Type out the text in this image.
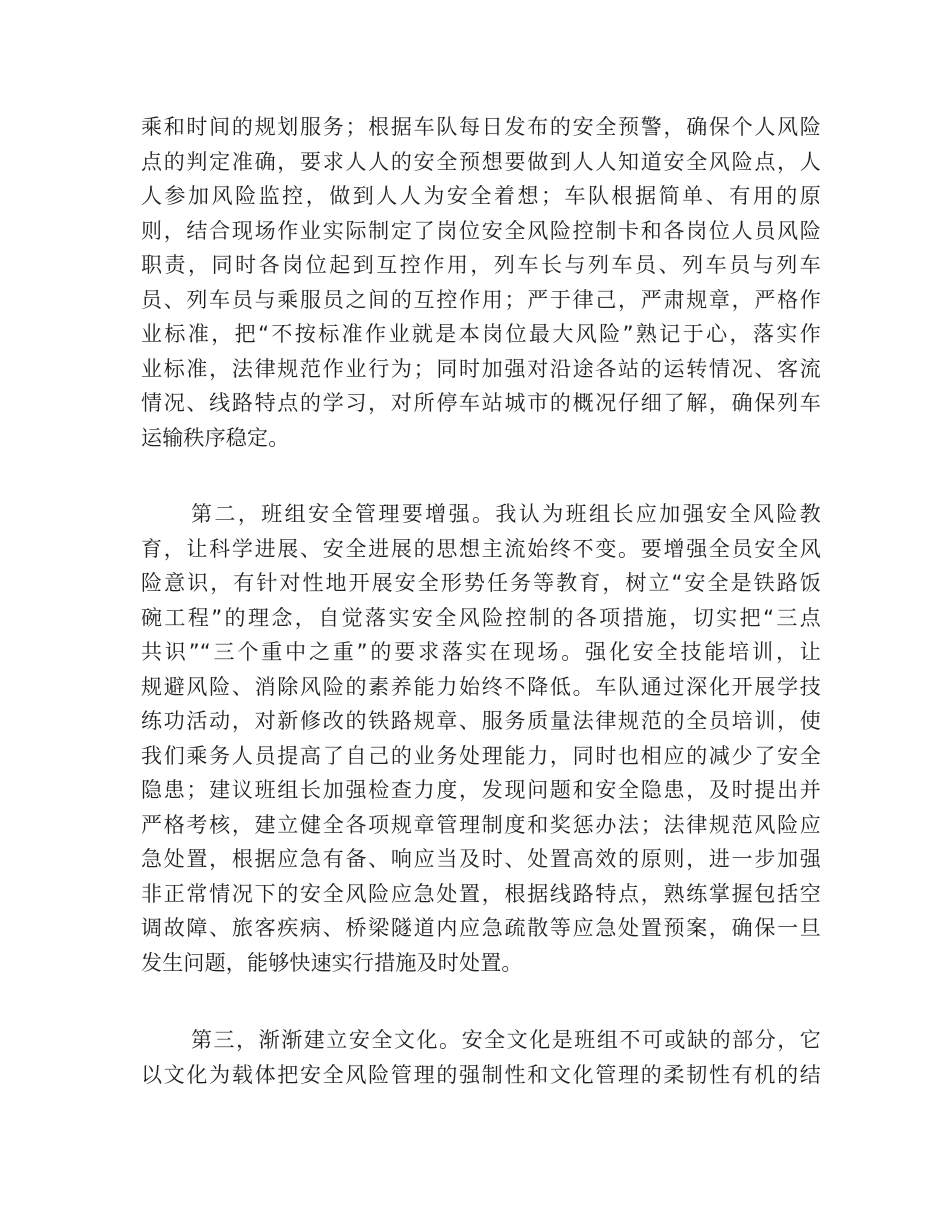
乘和时间的规划服务；根据车队每日发布的安全预警，确保个人风险
点的判定准确，要求人人的安全预想要做到人人知道安全风险点，人
人参加风险监控，做到人人为安全着想；车队根据简单、有用的原
则，结合现场作业实际制定了岗位安全风险控制卡和各岗位人员风险
职责，同时各岗位起到互控作用，列车长与列车员、列车员与列车
员、列车员与乘服员之间的互控作用；严于律己，严肃规章，严格作
业标准，把“不按标准作业就是本岗位最大风险”熟记于心，落实作
业标准，法律规范作业行为；同时加强对沿途各站的运转情况、客流
情况、线路特点的学习，对所停车站城市的概况仔细了解，确保列车
运输秩序稳定。
第二，班组安全管理要增强。我认为班组长应加强安全风险教
育，让科学进展、安全进展的思想主流始终不变。要增强全员安全风
险意识，有针对性地开展安全形势任务等教育，树立“安全是铁路饭
碗工程”的理念，自觉落实安全风险控制的各项措施，切实把“三点
共识”“三个重中之重”的要求落实在现场。强化安全技能培训，让
规避风险、消除风险的素养能力始终不降低。车队通过深化开展学技
练功活动，对新修改的铁路规章、服务质量法律规范的全员培训，使
我们乘务人员提高了自己的业务处理能力，同时也相应的减少了安全
隐患；建议班组长加强检查力度，发现问题和安全隐患，及时提出并
严格考核，建立健全各项规章管理制度和奖惩办法；法律规范风险应
急处置，根据应急有备、响应当及时、处置高效的原则，进一步加强
非正常情况下的安全风险应急处置，根据线路特点，熟练掌握包括空
调故障、旅客疾病、桥梁隧道内应急疏散等应急处置预案，确保一旦
发生问题，能够快速实行措施及时处置。
第三，渐渐建立安全文化。安全文化是班组不可或缺的部分，它
以文化为载体把安全风险管理的强制性和文化管理的柔韧性有机的结
